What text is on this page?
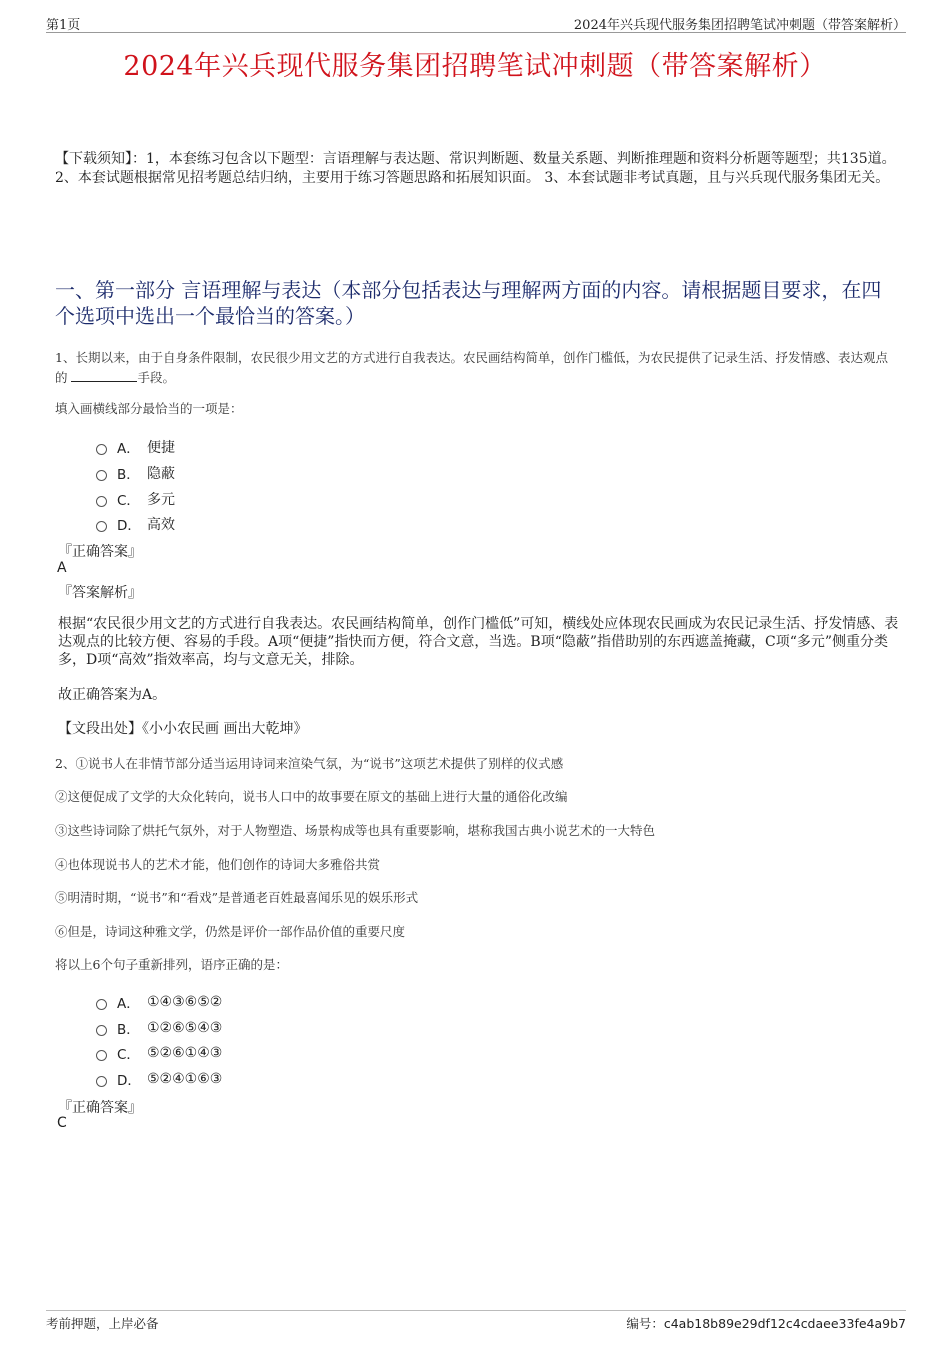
第1页	2024年兴兵现代服务集团招聘笔试冲刺题（带答案解析）
2024年兴兵现代服务集团招聘笔试冲刺题（带答案解析）
【下载须知】：1，本套练习包含以下题型：言语理解与表达题、常识判断题、数量关系题、判断推理题和资料分析题等题型；共135道。 2、本套试题根据常见招考题总结归纳，主要用于练习答题思路和拓展知识面。 3、本套试题非考试真题，且与兴兵现代服务集团无关。
一、第一部分 言语理解与表达（本部分包括表达与理解两方面的内容。请根据题目要求，在四个选项中选出一个最恰当的答案。）
1、长期以来，由于自身条件限制，农民很少用文艺的方式进行自我表达。农民画结构简单，创作门槛低，为农民提供了记录生活、抒发情感、表达观点的	手段。
填入画横线部分最恰当的一项是：
A． 便捷
B． 隐蔽
C． 多元
D． 高效
『正确答案』
A
『答案解析』
根据“农民很少用文艺的方式进行自我表达。农民画结构简单，创作门槛低”可知，横线处应体现农民画成为农民记录生活、抒发情感、表达观点的比较方便、容易的手段。A项“便捷”指快而方便，符合文意，当选。B项“隐蔽”指借助别的东西遮盖掩藏，C项“多元”侧重分类多，D项“高效”指效率高，均与文意无关，排除。
故正确答案为A。
【文段出处】《小小农民画 画出大乾坤》
2、①说书人在非情节部分适当运用诗词来渲染气氛，为“说书”这项艺术提供了别样的仪式感
②这便促成了文学的大众化转向，说书人口中的故事要在原文的基础上进行大量的通俗化改编
③这些诗词除了烘托气氛外，对于人物塑造、场景构成等也具有重要影响，堪称我国古典小说艺术的一大特色
④也体现说书人的艺术才能，他们创作的诗词大多雅俗共赏
⑤明清时期，“说书”和“看戏”是普通老百姓最喜闻乐见的娱乐形式
⑥但是，诗词这种雅文学，仍然是评价一部作品价值的重要尺度
将以上6个句子重新排列，语序正确的是：
A． ①④③⑥⑤②
B． ①②⑥⑤④③
C． ⑤②⑥①④③
D． ⑤②④①⑥③
『正确答案』
C
考前押题，上岸必备	编号：c4ab18b89e29df12c4cdaee33fe4a9b7
